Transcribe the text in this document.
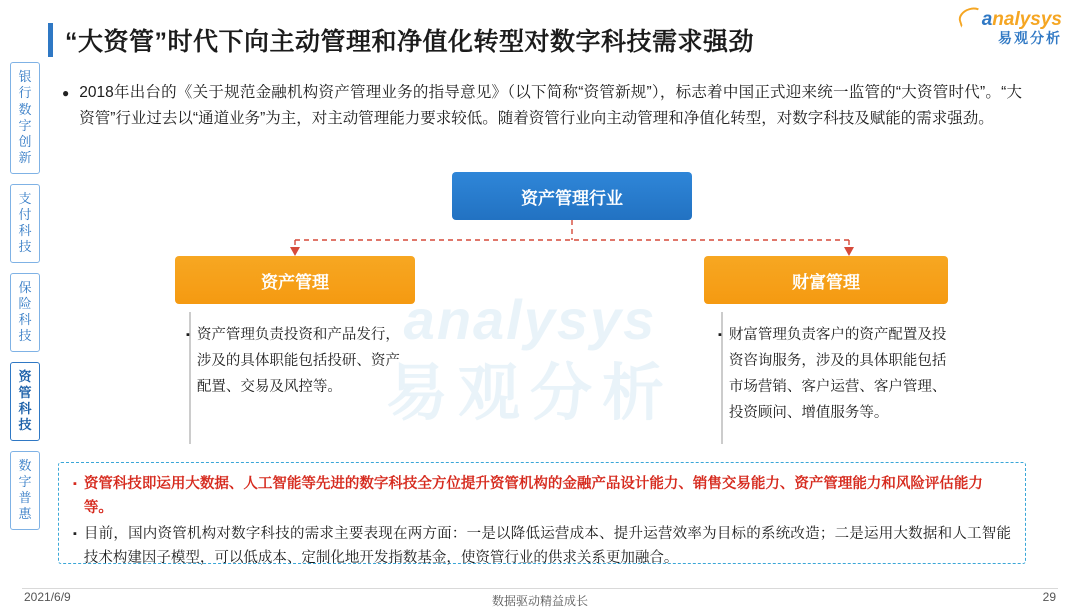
analysys
易观分析
“大资管”时代下向主动管理和净值化转型对数字科技需求强劲
analysys
易观分析
银行数字创新
支付科技
保险科技
资管科技
数字普惠
● 2018年出台的《关于规范金融机构资产管理业务的指导意见》（以下简称“资管新规”），标志着中国正式迎来统一监管的“大资管时代”。“大资管”行业过去以“通道业务”为主，对主动管理能力要求较低。随着资管行业向主动管理和净值化转型，对数字科技及赋能的需求强劲。
资产管理行业
资产管理	财富管理
▪ 资产管理负责投资和产品发行，涉及的具体职能包括投研、资产配置、交易及风控等。
▪ 财富管理负责客户的资产配置及投资咨询服务，涉及的具体职能包括市场营销、客户运营、客户管理、投资顾问、增值服务等。
▪ 资管科技即运用大数据、人工智能等先进的数字科技全方位提升资管机构的金融产品设计能力、销售交易能力、资产管理能力和风险评估能力等。
▪ 目前，国内资管机构对数字科技的需求主要表现在两方面：一是以降低运营成本、提升运营效率为目标的系统改造；二是运用大数据和人工智能技术构建因子模型，可以低成本、定制化地开发指数基金，使资管行业的供求关系更加融合。
2021/6/9	数据驱动精益成长	29
